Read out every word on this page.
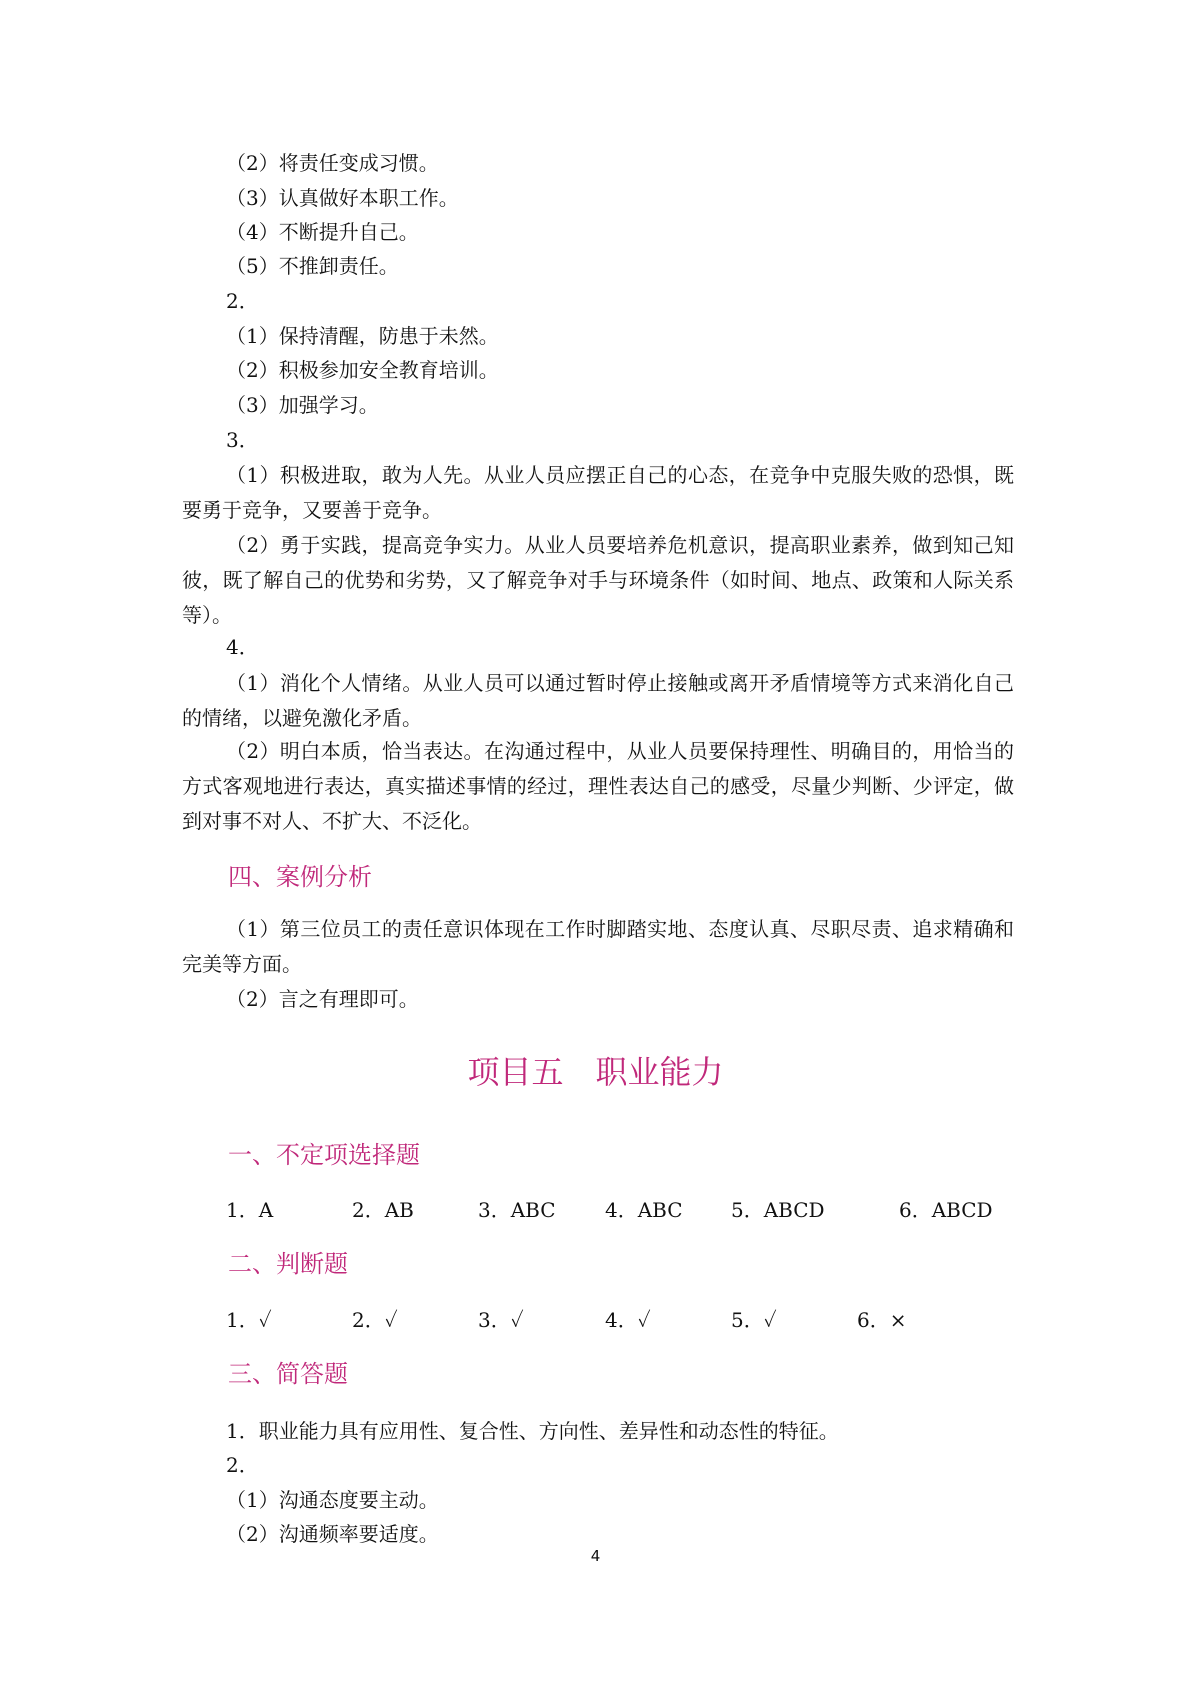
（2）将责任变成习惯。
（3）认真做好本职工作。
（4）不断提升自己。
（5）不推卸责任。
2．
（1）保持清醒，防患于未然。
（2）积极参加安全教育培训。
（3）加强学习。
3．
（1）积极进取，敢为人先。从业人员应摆正自己的心态，在竞争中克服失败的恐惧，既要勇于竞争，又要善于竞争。
（2）勇于实践，提高竞争实力。从业人员要培养危机意识，提高职业素养，做到知己知彼，既了解自己的优势和劣势，又了解竞争对手与环境条件（如时间、地点、政策和人际关系等）。
4．
（1）消化个人情绪。从业人员可以通过暂时停止接触或离开矛盾情境等方式来消化自己的情绪，以避免激化矛盾。
（2）明白本质，恰当表达。在沟通过程中，从业人员要保持理性、明确目的，用恰当的方式客观地进行表达，真实描述事情的经过，理性表达自己的感受，尽量少判断、少评定，做到对事不对人、不扩大、不泛化。
四、案例分析
（1）第三位员工的责任意识体现在工作时脚踏实地、态度认真、尽职尽责、追求精确和完美等方面。
（2）言之有理即可。
项目五　职业能力
一、不定项选择题
1．A	2．AB	3．ABC 4．ABC 5．ABCD	6．ABCD
二、判断题
1．✓	2．✓	3．✓	4．✓	5．✓	6．×
三、简答题
1．职业能力具有应用性、复合性、方向性、差异性和动态性的特征。
2．
（1）沟通态度要主动。
（2）沟通频率要适度。
4
